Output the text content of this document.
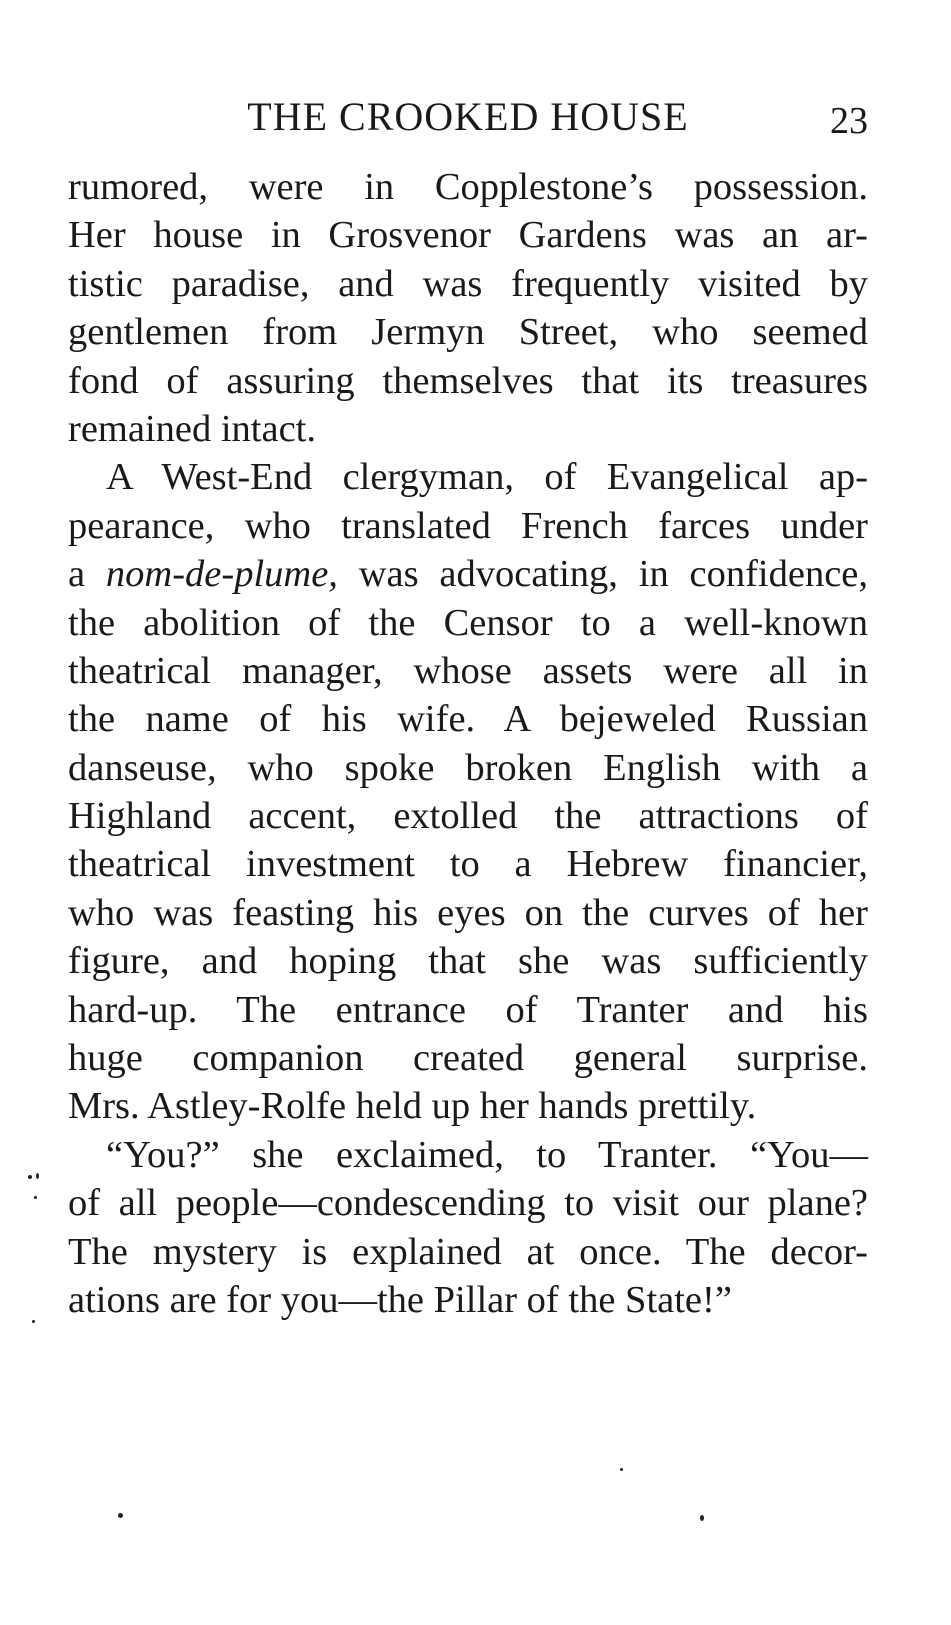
THE CROOKED HOUSE	23
rumored, were in Copplestone’s possession.
Her house in Grosvenor Gardens was an ar-
tistic paradise, and was frequently visited by
gentlemen from Jermyn Street, who seemed
fond of assuring themselves that its treasures
remained intact.
A West-End clergyman, of Evangelical ap-
pearance, who translated French farces under
a nom-de-plume, was advocating, in confidence,
the abolition of the Censor to a well-known
theatrical manager, whose assets were all in
the name of his wife. A bejeweled Russian
danseuse, who spoke broken English with a
Highland accent, extolled the attractions of
theatrical investment to a Hebrew financier,
who was feasting his eyes on the curves of her
figure, and hoping that she was sufficiently
hard-up. The entrance of Tranter and his
huge companion created general surprise.
Mrs. Astley-Rolfe held up her hands prettily.
“You?” she exclaimed, to Tranter. “You—
of all people—condescending to visit our plane?
The mystery is explained at once. The decor-
ations are for you—the Pillar of the State!”
